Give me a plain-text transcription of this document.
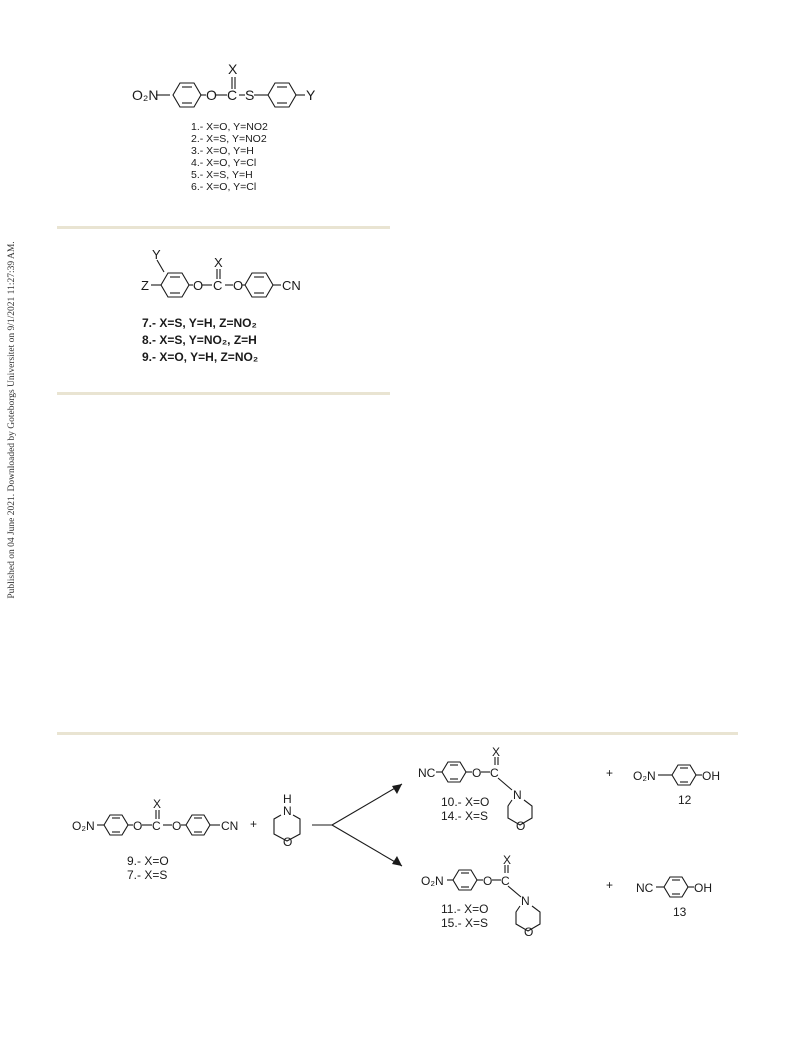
Published on 04 June 2021. Downloaded by Goteborgs Universitet on 9/1/2021 11:27:39 AM.
O₂N	O C
X
S	Y
1.- X=O, Y=NO2
2.- X=S, Y=NO2
3.- X=O, Y=H
4.- X=O, Y=Cl
5.- X=S, Y=H
6.- X=O, Y=Cl
Y
Z
X
O C O	CN
7.- X=S, Y=H, Z=NO₂
8.- X=S, Y=NO₂, Z=H
9.- X=O, Y=H, Z=NO₂
O₂N	O C
X
O	CN
9.- X=O
7.- X=S
+
H
N
O
NC	O C
X
N
O
10.- X=O
14.- X=S
O₂N	O C
X
N
O
11.- X=O
15.- X=S
+ O₂N	OH
12
+ NC	OH
13
